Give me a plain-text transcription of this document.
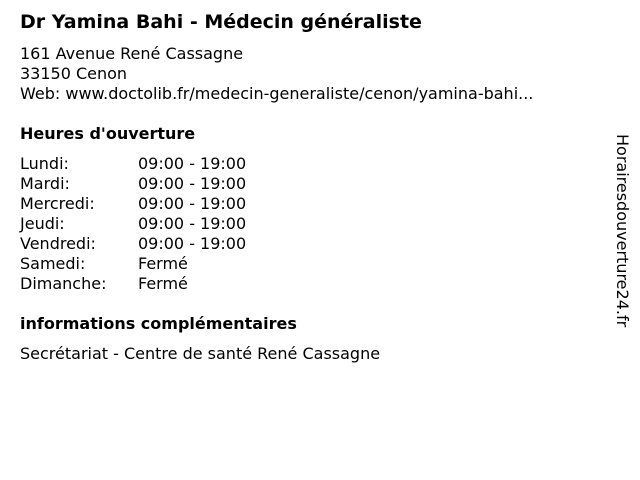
Dr Yamina Bahi - Médecin généraliste
161 Avenue René Cassagne
33150 Cenon
Web: www.doctolib.fr/medecin-generaliste/cenon/yamina-bahi...
Heures d'ouverture
Lundi:	09:00 - 19:00
Mardi:	09:00 - 19:00
Mercredi:	09:00 - 19:00
Jeudi:	09:00 - 19:00
Vendredi:	09:00 - 19:00
Samedi:	Fermé
Dimanche: Fermé
informations complémentaires
Secrétariat - Centre de santé René Cassagne
Horairesdouverture24.fr
